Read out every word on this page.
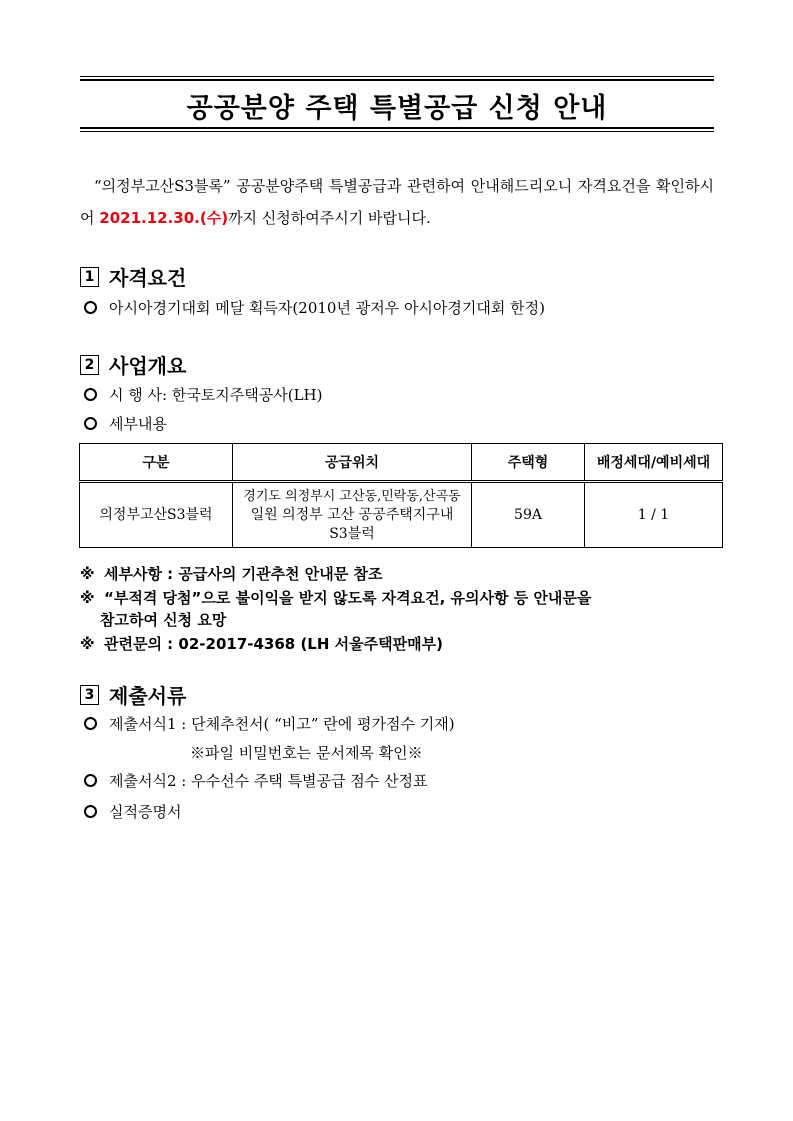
공공분양 주택 특별공급 신청 안내
“의정부고산S3블록” 공공분양주택 특별공급과 관련하여 안내해드리오니 자격요건을 확인하시어 2021.12.30.(수)까지 신청하여주시기 바랍니다.
1 자격요건
아시아경기대회 메달 획득자(2010년 광저우 아시아경기대회 한정)
2 사업개요
시 행 사: 한국토지주택공사(LH)
세부내용
구분	공급위치	주택형	배정세대/예비세대
의정부고산S3블럭	경기도 의정부시 고산동,민락동,산곡동
일원 의정부 고산 공공주택지구내
S3블럭	59A	1 / 1
※ 세부사항 : 공급사의 기관추천 안내문 참조
※ “부적격 당첨”으로 불이익을 받지 않도록 자격요건, 유의사항 등 안내문을
참고하여 신청 요망
※ 관련문의 : 02-2017-4368 (LH 서울주택판매부)
3 제출서류
제출서식1 : 단체추천서( “비고” 란에 평가점수 기재)
※파일 비밀번호는 문서제목 확인※
제출서식2 : 우수선수 주택 특별공급 점수 산정표
실적증명서
